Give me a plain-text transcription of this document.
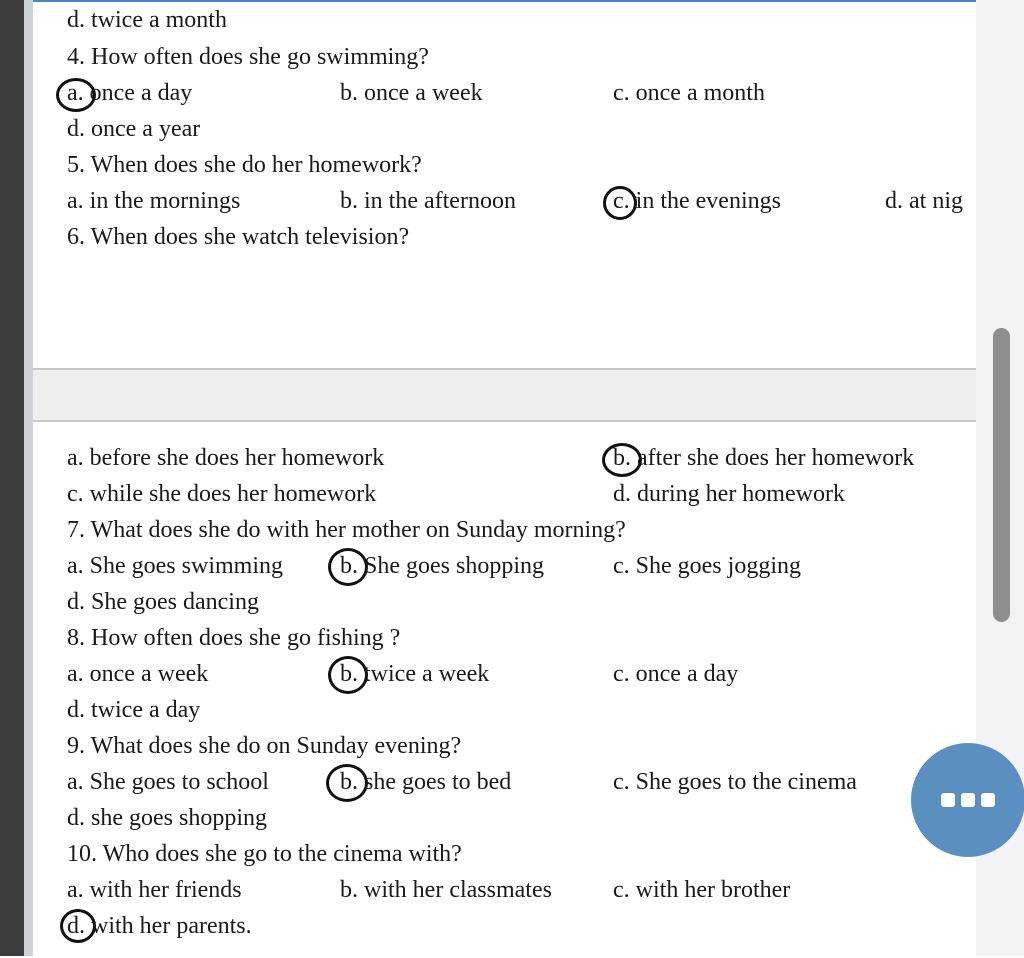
d. twice a month
4. How often does she go swimming?
a. once a day	b. once a week	c. once a month
d. once a year
5. When does she do her homework?
a. in the mornings	b. in the afternoon	c. in the evenings	d. at nig
6. When does she watch television?
a. before she does her homework	b. after she does her homework
c. while she does her homework	d. during her homework
7. What does she do with her mother on Sunday morning?
a. She goes swimming b. She goes shopping	c. She goes jogging
d. She goes dancing
8. How often does she go fishing ?
a. once a week	b. twice a week	c. once a day
d. twice a day
9. What does she do on Sunday evening?
a. She goes to school	b. she goes to bed	c. She goes to the cinema
d. she goes shopping
10. Who does she go to the cinema with?
a. with her friends	b. with her classmates	c. with her brother
d. with her parents.
